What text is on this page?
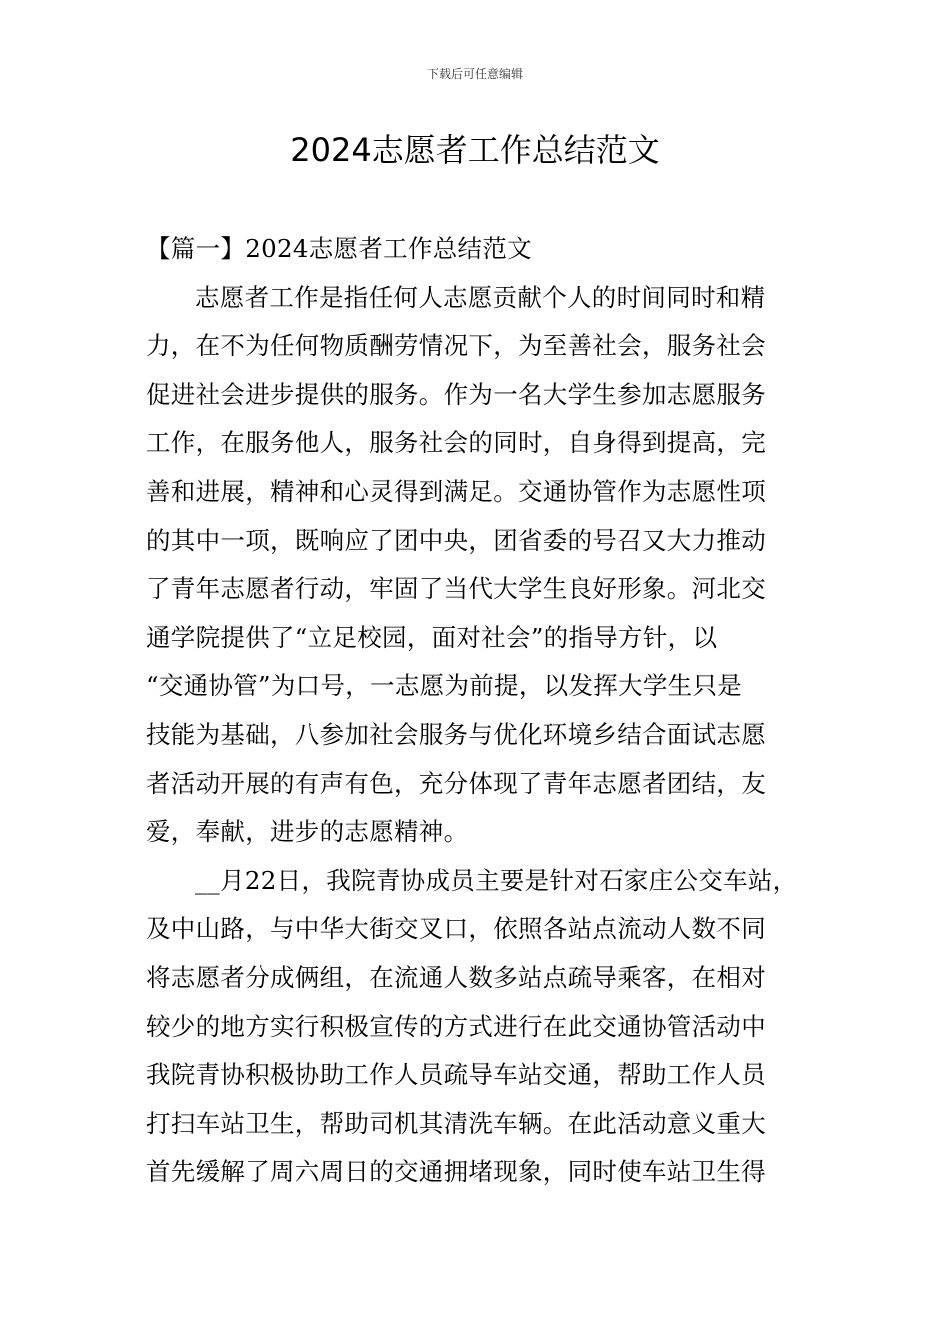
下载后可任意编辑
2024志愿者工作总结范文

【篇一】2024志愿者工作总结范文

志愿者工作是指任何人志愿贡献个人的时间同时和精
力，在不为任何物质酬劳情况下，为至善社会，服务社会
促进社会进步提供的服务。作为一名大学生参加志愿服务
工作，在服务他人，服务社会的同时，自身得到提高，完
善和进展，精神和心灵得到满足。交通协管作为志愿性项
的其中一项，既响应了团中央，团省委的号召又大力推动
了青年志愿者行动，牢固了当代大学生良好形象。河北交
通学院提供了“立足校园，面对社会”的指导方针，以
“交通协管”为口号，一志愿为前提，以发挥大学生只是
技能为基础，八参加社会服务与优化环境乡结合面试志愿
者活动开展的有声有色，充分体现了青年志愿者团结，友
爱，奉献，进步的志愿精神。

__月22日，我院青协成员主要是针对石家庄公交车站，
及中山路，与中华大街交叉口，依照各站点流动人数不同
将志愿者分成俩组，在流通人数多站点疏导乘客，在相对
较少的地方实行积极宣传的方式进行在此交通协管活动中
我院青协积极协助工作人员疏导车站交通，帮助工作人员
打扫车站卫生，帮助司机其清洗车辆。在此活动意义重大
首先缓解了周六周日的交通拥堵现象，同时使车站卫生得
